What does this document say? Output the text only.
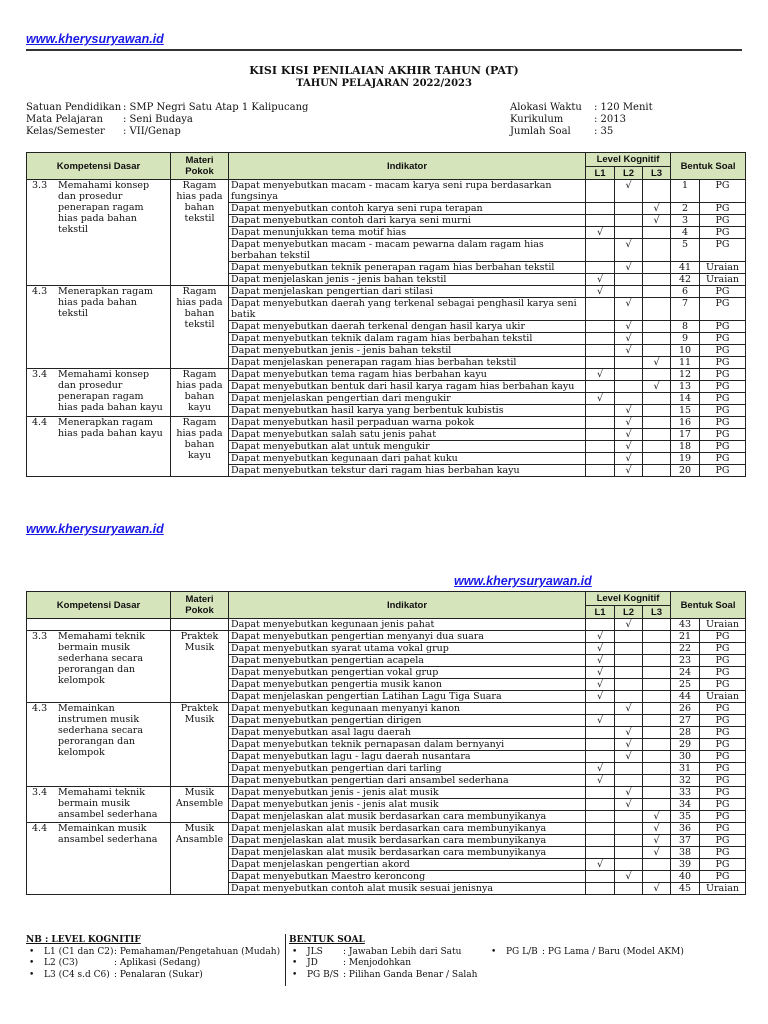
www.kherysuryawan.id
KISI KISI PENILAIAN AKHIR TAHUN (PAT)
TAHUN PELAJARAN 2022/2023
Satuan Pendidikan : SMP Negri Satu Atap 1 Kalipucang
Mata Pelajaran : Seni Budaya
Kelas/Semester : VII/Genap
Alokasi Waktu : 120 Menit
Kurikulum	: 2013
Jumlah Soal : 35
Kompetensi Dasar	Materi Pokok	Indikator	Level Kognitif			Bentuk Soal	
			L1	L2	L3		
3.3 Memahami konsep dan prosedur penerapan ragam hias pada bahan tekstil	Ragam hias pada bahan tekstil	Dapat menyebutkan macam - macam karya seni rupa berdasarkan fungsinya		√		1	PG
		Dapat menyebutkan contoh karya seni rupa terapan			√	2	PG
		Dapat menyebutkan contoh dari karya seni murni			√	3	PG
		Dapat menunjukkan tema motif hias	√			4	PG
		Dapat menyebutkan macam - macam pewarna dalam ragam hias berbahan tekstil		√		5	PG
		Dapat menyebutkan teknik penerapan ragam hias berbahan tekstil		√		41	Uraian
		Dapat menjelaskan jenis - jenis bahan tekstil	√			42	Uraian
4.3 Menerapkan ragam hias pada bahan tekstil	Ragam hias pada bahan tekstil	Dapat menjelaskan pengertian dari stilasi	√			6	PG
		Dapat menyebutkan daerah yang terkenal sebagai penghasil karya seni batik		√		7	PG
		Dapat menyebutkan daerah terkenal dengan hasil karya ukir		√		8	PG
		Dapat menyebutkan teknik dalam ragam hias berbahan tekstil		√		9	PG
		Dapat menyebutkan jenis - jenis bahan tekstil		√		10	PG
		Dapat menjelaskan penerapan ragam hias berbahan tekstil			√	11	PG
3.4 Memahami konsep dan prosedur penerapan ragam hias pada bahan kayu	Ragam hias pada bahan kayu	Dapat menyebutkan tema ragam hias berbahan kayu	√			12	PG
		Dapat menyebutkan bentuk dari hasil karya ragam hias berbahan kayu			√	13	PG
		Dapat menjelaskan pengertian dari mengukir	√			14	PG
		Dapat menyebutkan hasil karya yang berbentuk kubistis		√		15	PG
4.4 Menerapkan ragam hias pada bahan kayu	Ragam hias pada bahan kayu	Dapat menyebutkan hasil perpaduan warna pokok		√		16	PG
		Dapat menyebutkan salah satu jenis pahat		√		17	PG
		Dapat menyebutkan alat untuk mengukir		√		18	PG
		Dapat menyebutkan kegunaan dari pahat kuku		√		19	PG
		Dapat menyebutkan tekstur dari ragam hias berbahan kayu		√		20	PG
www.kherysuryawan.id
www.kherysuryawan.id
Kompetensi Dasar	Materi Pokok	Indikator	Level Kognitif			Bentuk Soal	
			L1	L2	L3		
		Dapat menyebutkan kegunaan jenis pahat		√		43	Uraian
3.3 Memahami teknik bermain musik sederhana secara perorangan dan kelompok	Praktek Musik	Dapat menyebutkan pengertian menyanyi dua suara	√			21	PG
		Dapat menyebutkan syarat utama vokal grup	√			22	PG
		Dapat menyebutkan pengertian acapela	√			23	PG
		Dapat menyebutkan pengertian vokal grup	√			24	PG
		Dapat menyebutkan pengertia musik kanon	√			25	PG
		Dapat menjelaskan pengertian Latihan Lagu Tiga Suara	√			44	Uraian
4.3 Memainkan instrumen musik sederhana secara perorangan dan kelompok	Praktek Musik	Dapat menyebutkan kegunaan menyanyi kanon		√		26	PG
		Dapat menyebutkan pengertian dirigen	√			27	PG
		Dapat menyebutkan asal lagu daerah		√		28	PG
		Dapat menyebutkan teknik pernapasan dalam bernyanyi		√		29	PG
		Dapat menyebutkan lagu - lagu daerah nusantara		√		30	PG
		Dapat menyebutkan pengertian dari tarling	√			31	PG
		Dapat menyebutkan pengertian dari ansambel sederhana	√			32	PG
3.4 Memahami teknik bermain musik ansambel sederhana	Musik Ansemble	Dapat menyebutkan jenis - jenis alat musik		√		33	PG
		Dapat menyebutkan jenis - jenis alat musik		√		34	PG
		Dapat menjelaskan alat musik berdasarkan cara membunyikanya			√	35	PG
4.4 Memainkan musik ansambel sederhana	Musik Ansamble	Dapat menjelaskan alat musik berdasarkan cara membunyikanya			√	36	PG
		Dapat menjelaskan alat musik berdasarkan cara membunyikanya			√	37	PG
		Dapat menjelaskan alat musik berdasarkan cara membunyikanya			√	38	PG
		Dapat menjelaskan pengertian akord	√			39	PG
		Dapat menyebutkan Maestro keroncong		√		40	PG
		Dapat menyebutkan contoh alat musik sesuai jenisnya			√	45	Uraian
NB : LEVEL KOGNITIF
• L1 (C1 dan C2): Pemahaman/Pengetahuan (Mudah)
• L2 (C3)	: Aplikasi (Sedang)
• L3 (C4 s.d C6) : Penalaran (Sukar)
BENTUK SOAL
• JLS : Jawaban Lebih dari Satu
• JD	: Menjodohkan
• PG B/S : Pilihan Ganda Benar / Salah
• PG L/B : PG Lama / Baru (Model AKM)
